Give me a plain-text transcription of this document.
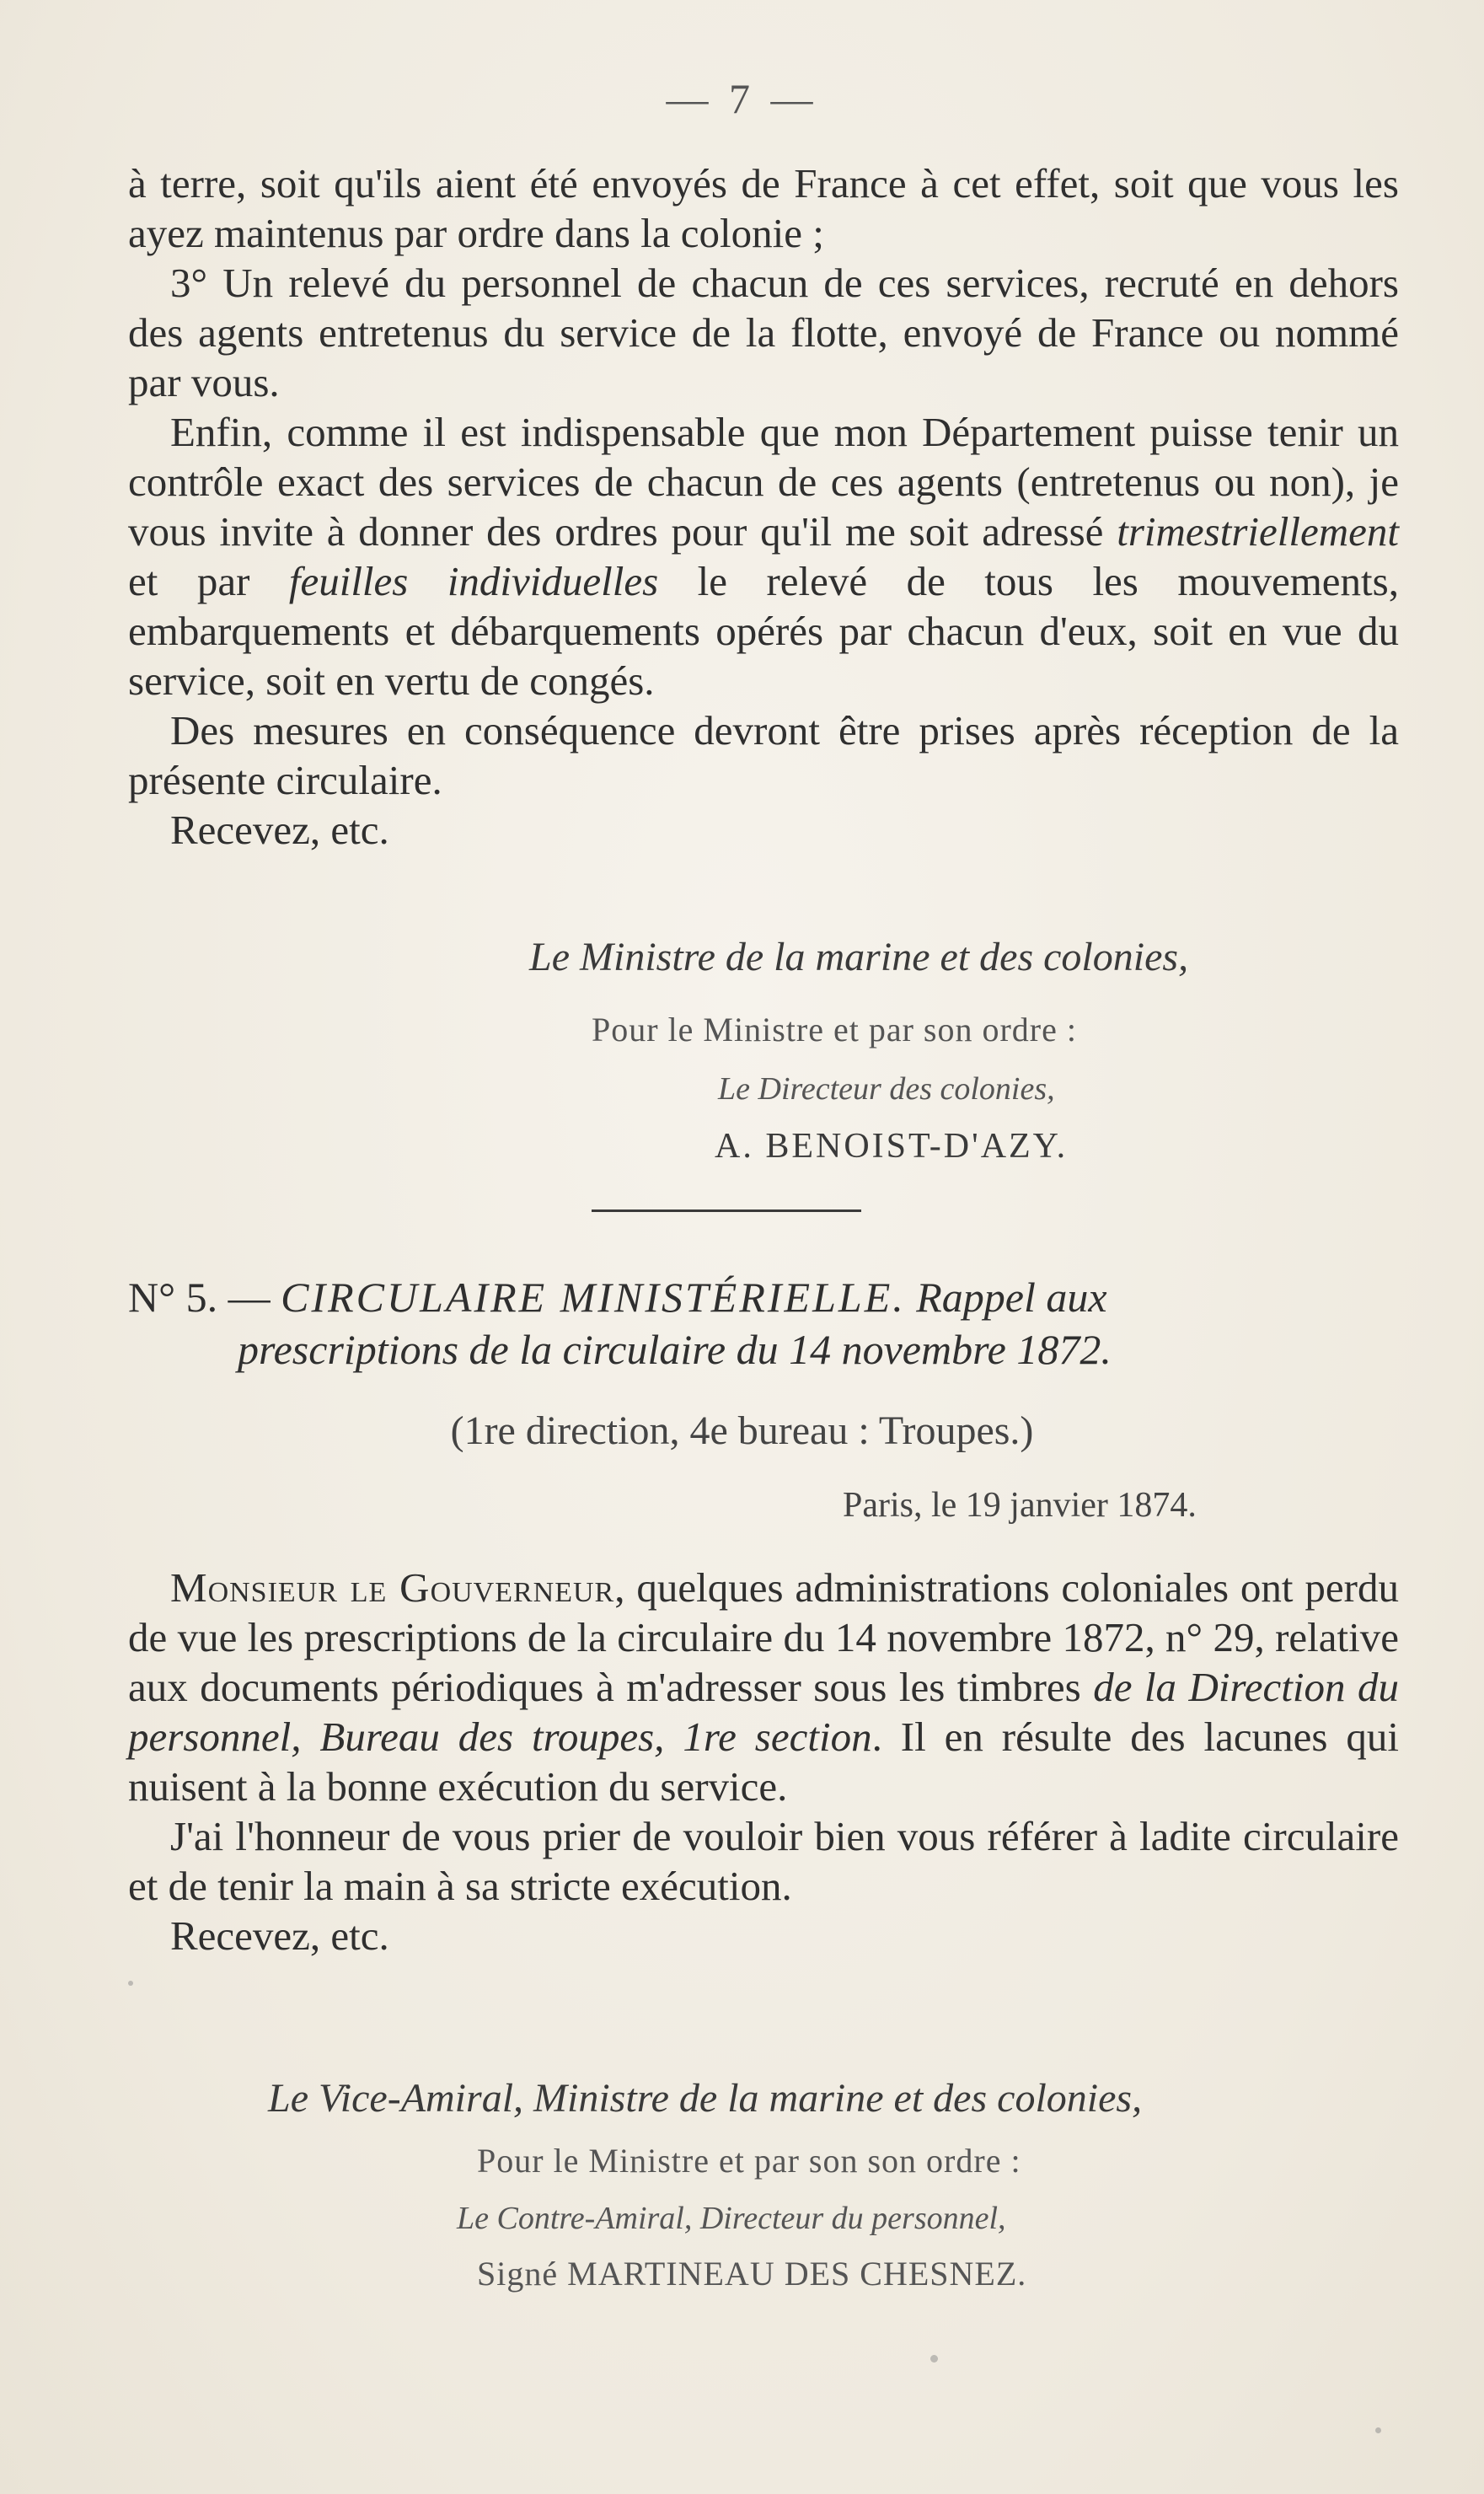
— 7 —

à terre, soit qu'ils aient été envoyés de France à cet effet, soit que vous les ayez maintenus par ordre dans la colonie ;

3° Un relevé du personnel de chacun de ces services, recruté en dehors des agents entretenus du service de la flotte, envoyé de France ou nommé par vous.

Enfin, comme il est indispensable que mon Département puisse tenir un contrôle exact des services de chacun de ces agents (entretenus ou non), je vous invite à donner des ordres pour qu'il me soit adressé trimestriellement et par feuilles individuelles le relevé de tous les mouvements, embarquements et débarquements opérés par chacun d'eux, soit en vue du service, soit en vertu de congés.

Des mesures en conséquence devront être prises après réception de la présente circulaire.

Recevez, etc.

Le Ministre de la marine et des colonies,
Pour le Ministre et par son ordre :
Le Directeur des colonies,
A. BENOIST-D'AZY.
N° 5. — CIRCULAIRE MINISTÉRIELLE. Rappel aux
prescriptions de la circulaire du 14 novembre 1872.
(1re direction, 4e bureau : Troupes.)
Paris, le 19 janvier 1874.

Monsieur le Gouverneur, quelques administrations coloniales ont perdu de vue les prescriptions de la circulaire du 14 novembre 1872, n° 29, relative aux documents périodiques à m'adresser sous les timbres de la Direction du personnel, Bureau des troupes, 1re section. Il en résulte des lacunes qui nuisent à la bonne exécution du service.

J'ai l'honneur de vous prier de vouloir bien vous référer à ladite circulaire et de tenir la main à sa stricte exécution.

Recevez, etc.

Le Vice-Amiral, Ministre de la marine et des colonies,
Pour le Ministre et par son son ordre :
Le Contre-Amiral, Directeur du personnel,
Signé MARTINEAU DES CHESNEZ.
